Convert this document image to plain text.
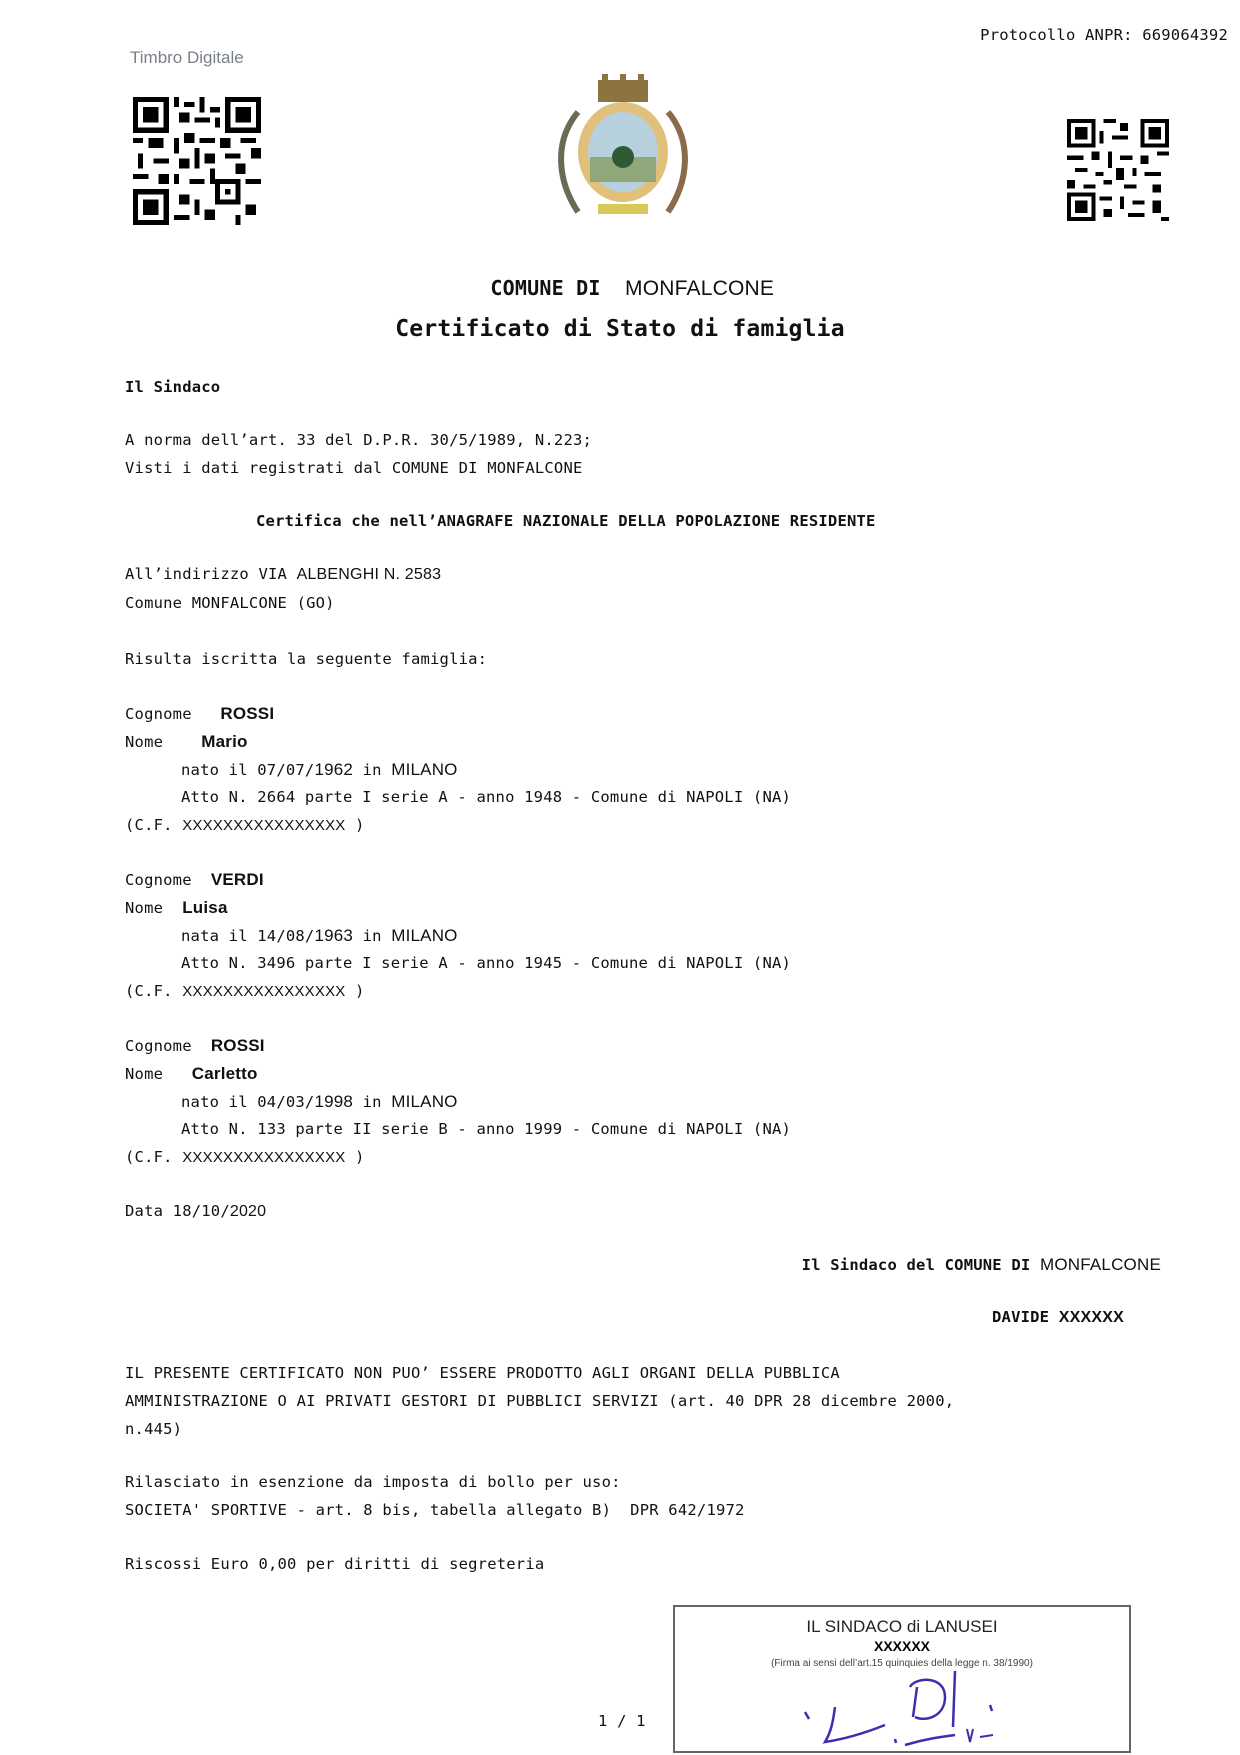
Protocollo ANPR: 669064392
Timbro Digitale

COMUNE DI MONFALCONE

Certificato di Stato di famiglia
Il Sindaco
A norma dell’art. 33 del D.P.R. 30/5/1989, N.223;
Visti i dati registrati dal COMUNE DI MONFALCONE
Certifica che nell’ANAGRAFE NAZIONALE DELLA POPOLAZIONE RESIDENTE
All’indirizzo VIA ALBENGHI N. 2583
Comune MONFALCONE (GO)
Risulta iscritta la seguente famiglia:
Cognome ROSSI
Nome Mario
nato il 07/07/1962 in MILANO
Atto N. 2664 parte I serie A - anno 1948 - Comune di NAPOLI (NA)
(C.F. XXXXXXXXXXXXXXXX )
Cognome VERDI
Nome Luisa
nata il 14/08/1963 in MILANO
Atto N. 3496 parte I serie A - anno 1945 - Comune di NAPOLI (NA)
(C.F. XXXXXXXXXXXXXXXX )
Cognome ROSSI
Nome Carletto
nato il 04/03/1998 in MILANO
Atto N. 133 parte II serie B - anno 1999 - Comune di NAPOLI (NA)
(C.F. XXXXXXXXXXXXXXXX )
Data 18/10/2020
Il Sindaco del COMUNE DI MONFALCONE
DAVIDE XXXXXX
IL PRESENTE CERTIFICATO NON PUO’ ESSERE PRODOTTO AGLI ORGANI DELLA PUBBLICA
AMMINISTRAZIONE O AI PRIVATI GESTORI DI PUBBLICI SERVIZI (art. 40 DPR 28 dicembre 2000,
n.445)
Rilasciato in esenzione da imposta di bollo per uso:
SOCIETA' SPORTIVE - art. 8 bis, tabella allegato B)  DPR 642/1972
Riscossi Euro 0,00 per diritti di segreteria
IL SINDACO di LANUSEI
XXXXXX
(Firma ai sensi dell’art.15 quinquies della legge n. 38/1990)
1 / 1
